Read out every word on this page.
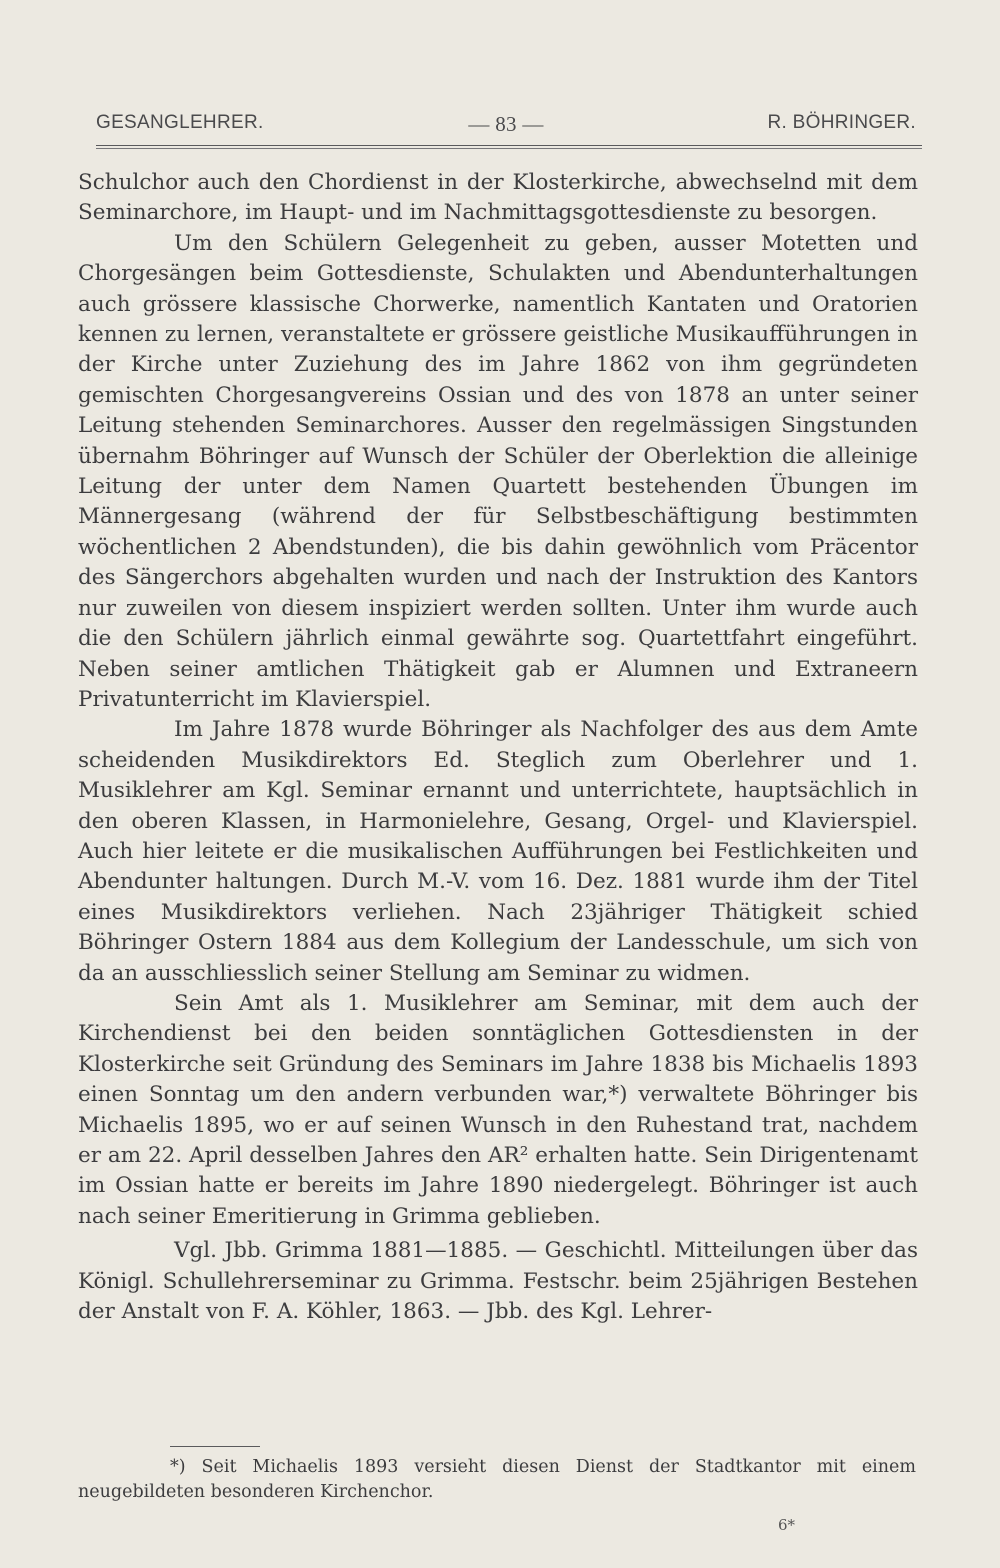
GESANGLEHRER.	— 83 —	R. BÖHRINGER.

Schulchor auch den Chordienst in der Klosterkirche, abwechselnd mit dem Seminarchore, im Haupt- und im Nachmittagsgottesdienste zu besorgen.

Um den Schülern Gelegenheit zu geben, ausser Motetten und Chorgesängen beim Gottesdienste, Schulakten und Abendunterhaltungen auch grössere klassische Chorwerke, namentlich Kantaten und Oratorien kennen zu lernen, veranstaltete er grössere geistliche Musikaufführungen in der Kirche unter Zuziehung des im Jahre 1862 von ihm gegründeten gemischten Chorgesangvereins Ossian und des von 1878 an unter seiner Leitung stehenden Seminarchores. Ausser den regelmässigen Singstunden übernahm Böhringer auf Wunsch der Schüler der Oberlektion die alleinige Leitung der unter dem Namen Quartett bestehenden Übungen im Männergesang (während der für Selbstbeschäftigung bestimmten wöchentlichen 2 Abendstunden), die bis dahin gewöhnlich vom Präcentor des Sängerchors abgehalten wurden und nach der Instruktion des Kantors nur zuweilen von diesem inspiziert werden sollten. Unter ihm wurde auch die den Schülern jährlich einmal gewährte sog. Quartettfahrt eingeführt. Neben seiner amtlichen Thätigkeit gab er Alumnen und Extraneern Privatunterricht im Klavierspiel.

Im Jahre 1878 wurde Böhringer als Nachfolger des aus dem Amte scheidenden Musikdirektors Ed. Steglich zum Oberlehrer und 1. Musiklehrer am Kgl. Seminar ernannt und unterrichtete, hauptsächlich in den oberen Klassen, in Harmonielehre, Gesang, Orgel- und Klavierspiel. Auch hier leitete er die musikalischen Aufführungen bei Festlichkeiten und Abendunter haltungen. Durch M.-V. vom 16. Dez. 1881 wurde ihm der Titel eines Musikdirektors verliehen. Nach 23jähriger Thätigkeit schied Böhringer Ostern 1884 aus dem Kollegium der Landesschule, um sich von da an ausschliesslich seiner Stellung am Seminar zu widmen.

Sein Amt als 1. Musiklehrer am Seminar, mit dem auch der Kirchendienst bei den beiden sonntäglichen Gottesdiensten in der Klosterkirche seit Gründung des Seminars im Jahre 1838 bis Michaelis 1893 einen Sonntag um den andern verbunden war,*) verwaltete Böhringer bis Michaelis 1895, wo er auf seinen Wunsch in den Ruhestand trat, nachdem er am 22. April desselben Jahres den AR² erhalten hatte. Sein Dirigentenamt im Ossian hatte er bereits im Jahre 1890 niedergelegt. Böhringer ist auch nach seiner Emeritierung in Grimma geblieben.

Vgl. Jbb. Grimma 1881—1885. — Geschichtl. Mitteilungen über das Königl. Schullehrerseminar zu Grimma. Festschr. beim 25jährigen Bestehen der Anstalt von F. A. Köhler, 1863. — Jbb. des Kgl. Lehrer-

*) Seit Michaelis 1893 versieht diesen Dienst der Stadtkantor mit einem neugebildeten besonderen Kirchenchor.

6*
